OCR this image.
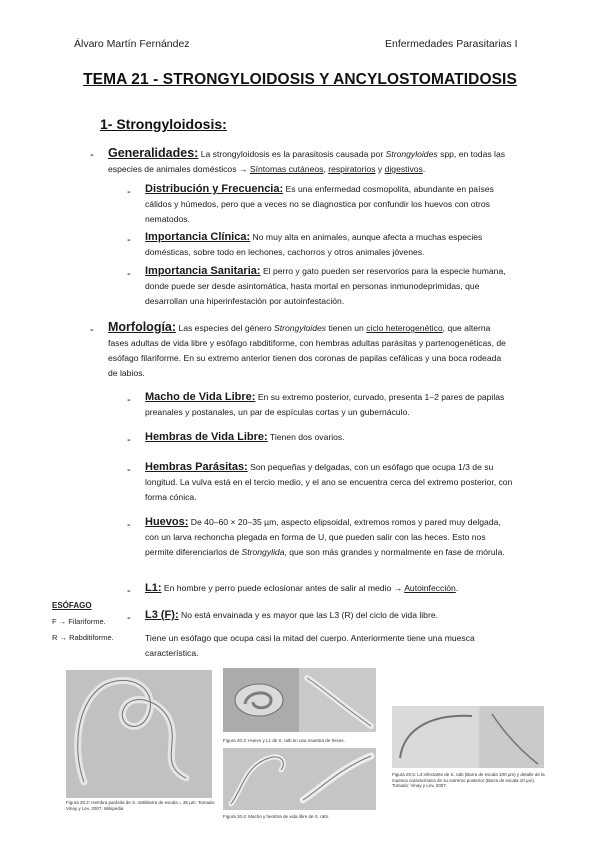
Álvaro Martín Fernández	Enfermedades Parasitarias I
TEMA 21 - STRONGYLOIDOSIS Y ANCYLOSTOMATIDOSIS
1- Strongyloidosis:
- Generalidades: La strongyloidosis es la parasitosis causada por Strongyloides spp, en todas las especies de animales domésticos → Síntomas cutáneos, respiratorios y digestivos.

- Distribución y Frecuencia: Es una enfermedad cosmopolita, abundante en países cálidos y húmedos, pero que a veces no se diagnostica por confundir los huevos con otros nematodos.

- Importancia Clínica: No muy alta en animales, aunque afecta a muchas especies domésticas, sobre todo en lechones, cachorros y otros animales jóvenes.

- Importancia Sanitaria: El perro y gato pueden ser reservorios para la especie humana, donde puede ser desde asintomática, hasta mortal en personas inmunodeprimidas, que desarrollan una hiperinfestación por autoinfestación.

- Morfología: Las especies del género Strongyloides tienen un ciclo heterogenético, que alterna fases adultas de vida libre y esófago rabditiforme, con hembras adultas parásitas y partenogenéticas, de esófago filariforme. En su extremo anterior tienen dos coronas de papilas cefálicas y una boca rodeada de labios.

- Macho de Vida Libre: En su extremo posterior, curvado, presenta 1–2 pares de papilas preanales y postanales, un par de espículas cortas y un gubernáculo.

- Hembras de Vida Libre: Tienen dos ovarios.

- Hembras Parásitas: Son pequeñas y delgadas, con un esófago que ocupa 1/3 de su longitud. La vulva está en el tercio medio, y el ano se encuentra cerca del extremo posterior, con forma cónica.

- Huevos: De 40–60 × 20–35 µm, aspecto elipsoidal, extremos romos y pared muy delgada, con un larva rechoncha plegada en forma de U, que pueden salir con las heces. Esto nos permite diferenciarlos de Strongylida, que son más grandes y normalmente en fase de mórula.

- L1: En hombre y perro puede eclosionar antes de salir al medio → Autoinfección.

- L3 (F): No está envainada y es mayor que las L3 (R) del ciclo de vida libre.

Tiene un esófago que ocupa casi la mitad del cuerpo. Anteriormente tiene una muesca característica.

ESÓFAGO
F → Filariforme.
R → Rabditiforme.
Figura 20.2: Hembra parásita de S. ratti/Barra de escala = 35 µm. Tomado: Vinay y Lev, 2007. Wikipedia
Figura 20.3: Huevo y L1 de S. ratti en una muestra de heces.
Figura 20.4: Macho y hembra de vida libre de S. ratti.
Figura 20.5: L3 infectante de S. ratti (Barra de escala 100 µm) y detalle de la muesca característica de su extremo posterior (Barra de escala 10 µm). Tomado: Vinay y Lev, 2007.
